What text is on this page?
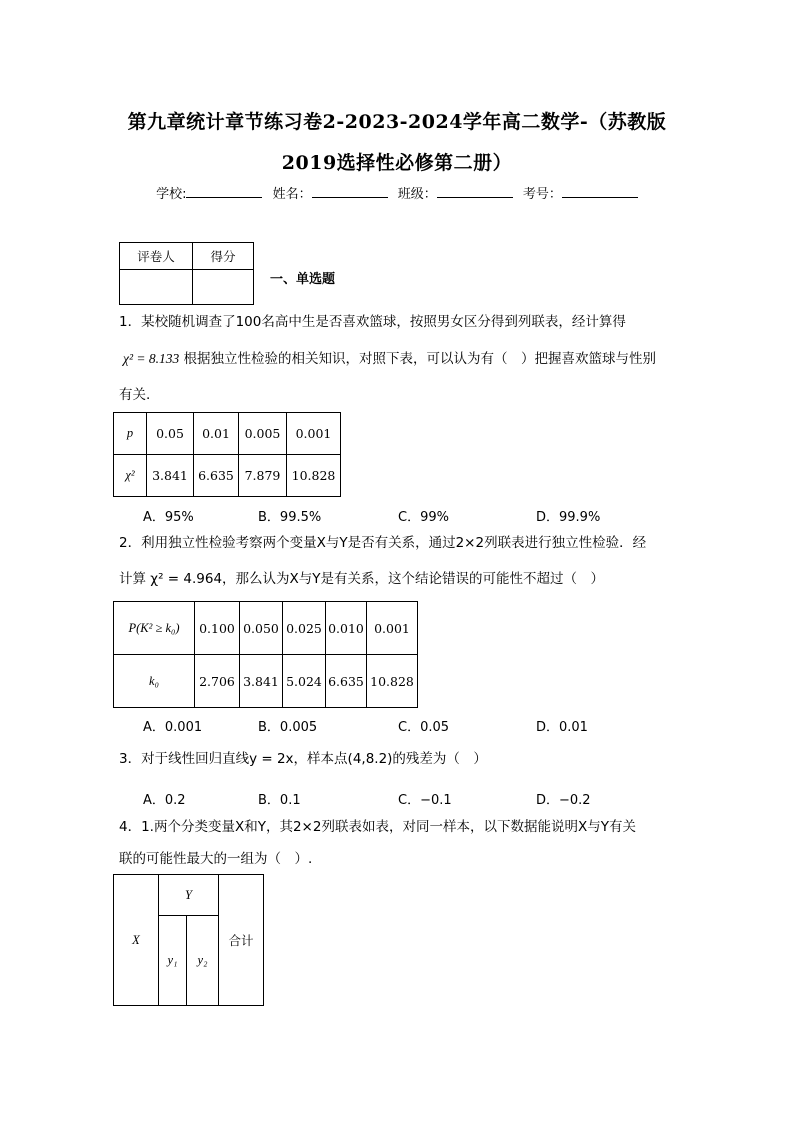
第九章统计章节练习卷2-2023-2024学年高二数学-（苏教版
2019选择性必修第二册）
学校:	姓名：	班级：	考号：
评卷人	得分

一、单选题
1．某校随机调查了100名高中生是否喜欢篮球，按照男女区分得到列联表，经计算得
χ² = 8.133 根据独立性检验的相关知识，对照下表，可以认为有（　）把握喜欢篮球与性别
有关.
p	0.05	0.01	0.005	0.001
χ²	3.841	6.635	7.879	10.828
A．95%	B．99.5%	C．99%	D．99.9%
2．利用独立性检验考察两个变量X与Y是否有关系，通过2×2列联表进行独立性检验．经
计算 χ² = 4.964，那么认为X与Y是有关系，这个结论错误的可能性不超过（　）
P(K² ≥ k₀)	0.100	0.050	0.025	0.010	0.001
k₀	2.706	3.841	5.024	6.635	10.828
A．0.001	B．0.005	C．0.05	D．0.01
3．对于线性回归直线y = 2x，样本点(4,8.2)的残差为（　）
A．0.2	B．0.1	C．−0.1	D．−0.2
4．1.两个分类变量X和Y，其2×2列联表如表，对同一样本，以下数据能说明X与Y有关
联的可能性最大的一组为（　）.
X	Y		合计
	y₁	y₂	
